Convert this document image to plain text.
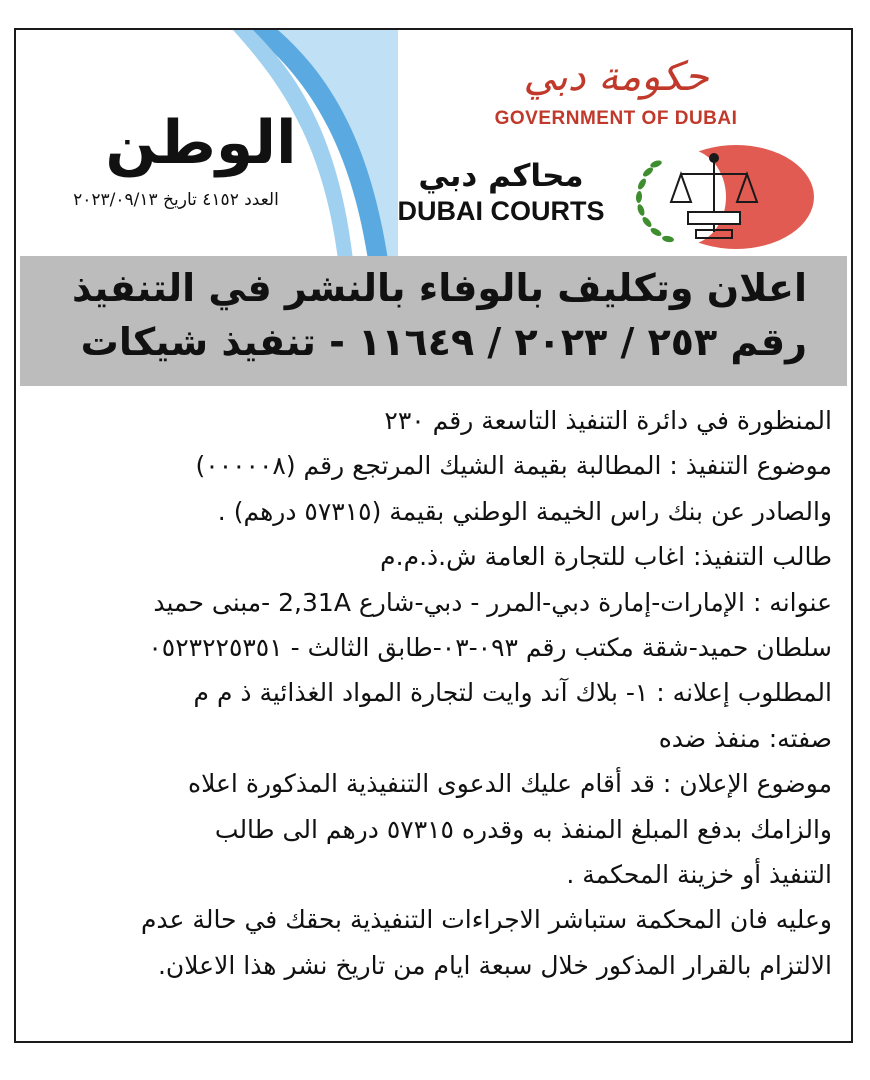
الوطن
العدد ٤١٥٢ تاريخ ٢٠٢٣/٠٩/١٣
حكومة دبي
GOVERNMENT OF DUBAI
محاكم دبي
DUBAI COURTS
اعلان وتكليف بالوفاء بالنشر في التنفيذ
رقم ٢٥٣ / ٢٠٢٣ / ١١٦٤٩ - تنفيذ شيكات
المنظورة في دائرة التنفيذ التاسعة رقم ٢٣٠
موضوع التنفيذ : المطالبة بقيمة الشيك المرتجع رقم (٠٠٠٠٠٨)
والصادر عن بنك راس الخيمة الوطني بقيمة (٥٧٣١٥ درهم) .
طالب التنفيذ: اغاب للتجارة العامة ش.ذ.م.م
عنوانه : الإمارات-إمارة دبي-المرر - دبي-شارع 2,31A -مبنى حميد
سلطان حميد-شقة مكتب رقم ٠٩٣-٠٣-طابق الثالث - ٠٥٢٣٢٢٥٣٥١
المطلوب إعلانه : ١- بلاك آند وايت لتجارة المواد الغذائية ذ م م
صفته: منفذ ضده
موضوع الإعلان : قد أقام عليك الدعوى التنفيذية المذكورة اعلاه
والزامك بدفع المبلغ المنفذ به وقدره ٥٧٣١٥ درهم الى طالب
التنفيذ أو خزينة المحكمة .
وعليه فان المحكمة ستباشر الاجراءات التنفيذية بحقك في حالة عدم
الالتزام بالقرار المذكور خلال سبعة ايام من تاريخ نشر هذا الاعلان.
